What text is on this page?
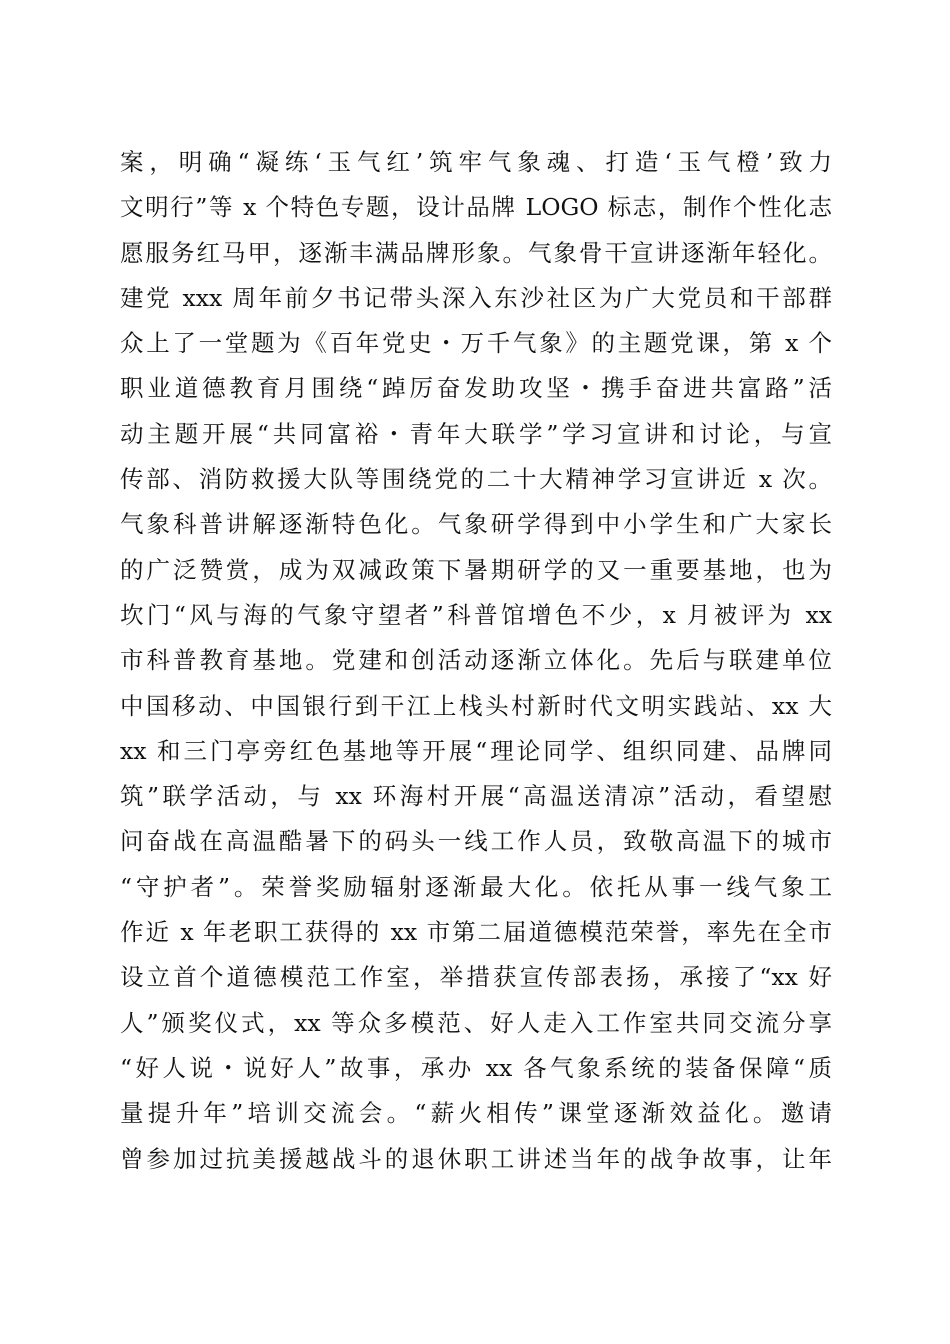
案，明确“凝练‘玉气红’筑牢气象魂、打造‘玉气橙’致力
文明行”等 x 个特色专题，设计品牌 LOGO 标志，制作个性化志
愿服务红马甲，逐渐丰满品牌形象。气象骨干宣讲逐渐年轻化。
建党 xxx 周年前夕书记带头深入东沙社区为广大党员和干部群
众上了一堂题为《百年党史・万千气象》的主题党课，第 x 个
职业道德教育月围绕“踔厉奋发助攻坚・携手奋进共富路”活
动主题开展“共同富裕・青年大联学”学习宣讲和讨论，与宣
传部、消防救援大队等围绕党的二十大精神学习宣讲近 x 次。
气象科普讲解逐渐特色化。气象研学得到中小学生和广大家长
的广泛赞赏，成为双减政策下暑期研学的又一重要基地，也为
坎门“风与海的气象守望者”科普馆增色不少，x 月被评为 xx
市科普教育基地。党建和创活动逐渐立体化。先后与联建单位
中国移动、中国银行到干江上栈头村新时代文明实践站、xx 大
xx 和三门亭旁红色基地等开展“理论同学、组织同建、品牌同
筑”联学活动，与 xx 环海村开展“高温送清凉”活动，看望慰
问奋战在高温酷暑下的码头一线工作人员，致敬高温下的城市
“守护者”。荣誉奖励辐射逐渐最大化。依托从事一线气象工
作近 x 年老职工获得的 xx 市第二届道德模范荣誉，率先在全市
设立首个道德模范工作室，举措获宣传部表扬，承接了“xx 好
人”颁奖仪式，xx 等众多模范、好人走入工作室共同交流分享
“好人说・说好人”故事，承办 xx 各气象系统的装备保障“质
量提升年”培训交流会。“薪火相传”课堂逐渐效益化。邀请
曾参加过抗美援越战斗的退休职工讲述当年的战争故事，让年
